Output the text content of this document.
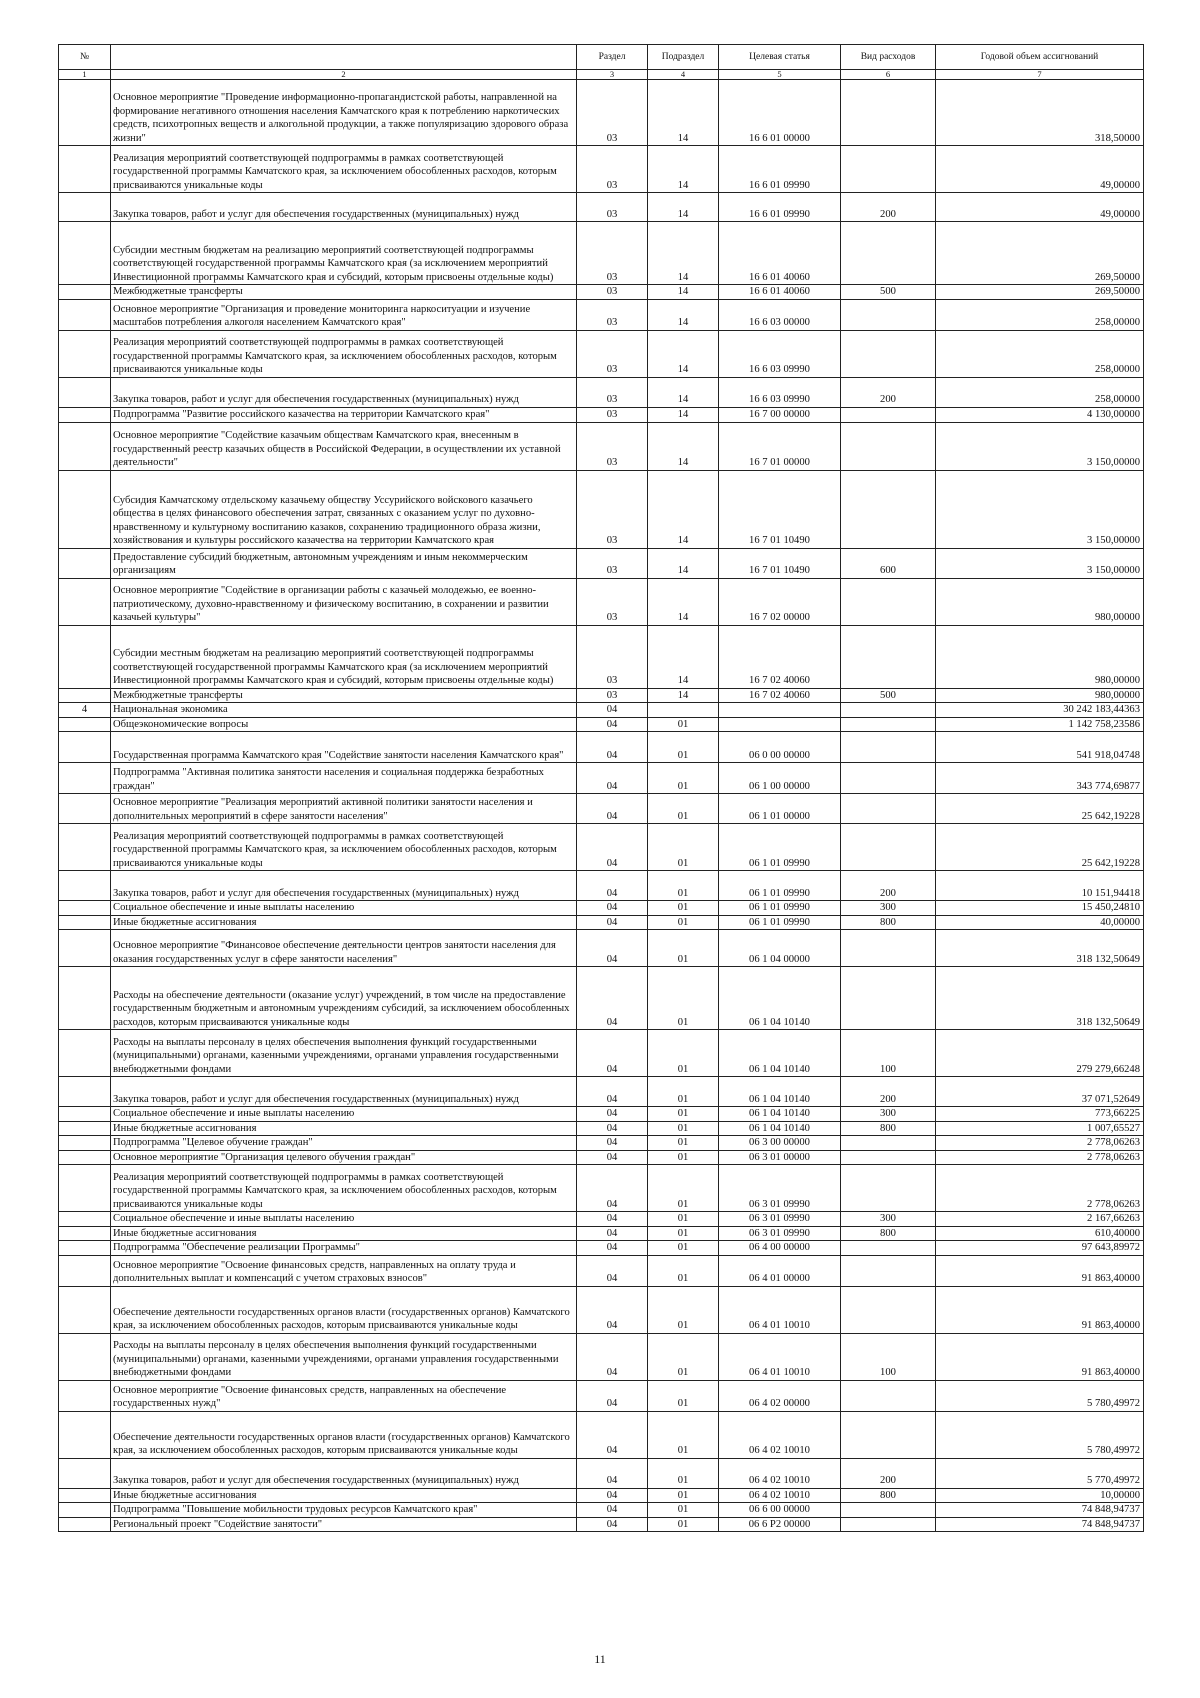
№		Раздел	Подраздел	Целевая статья	Вид расходов	Годовой объем ассигнований
1	2	3	4	5	6	7
	Основное мероприятие "Проведение информационно-пропагандистской работы, направленной на формирование негативного отношения населения Камчатского края к потреблению наркотических средств, психотропных веществ и алкогольной продукции, а также популяризацию здорового образа жизни"	03	14	16 6 01 00000		318,50000
	Реализация мероприятий соответствующей подпрограммы в рамках соответствующей государственной программы Камчатского края, за исключением обособленных расходов, которым присваиваются уникальные коды	03	14	16 6 01 09990		49,00000
	Закупка товаров, работ и услуг для обеспечения государственных (муниципальных) нужд	03	14	16 6 01 09990	200	49,00000
	Субсидии местным бюджетам на реализацию мероприятий соответствующей подпрограммы соответствующей государственной программы Камчатского края (за исключением мероприятий Инвестиционной программы Камчатского края и субсидий, которым присвоены отдельные коды)	03	14	16 6 01 40060		269,50000
	Межбюджетные трансферты	03	14	16 6 01 40060	500	269,50000
	Основное мероприятие "Организация и проведение мониторинга наркоситуации и изучение масштабов потребления алкоголя населением Камчатского края"	03	14	16 6 03 00000		258,00000
	Реализация мероприятий соответствующей подпрограммы в рамках соответствующей государственной программы Камчатского края, за исключением обособленных расходов, которым присваиваются уникальные коды	03	14	16 6 03 09990		258,00000
	Закупка товаров, работ и услуг для обеспечения государственных (муниципальных) нужд	03	14	16 6 03 09990	200	258,00000
	Подпрограмма "Развитие российского казачества на территории Камчатского края"	03	14	16 7 00 00000		4 130,00000
	Основное мероприятие "Содействие казачьим обществам Камчатского края, внесенным в государственный реестр казачьих обществ в Российской Федерации, в осуществлении их уставной деятельности"	03	14	16 7 01 00000		3 150,00000
	Субсидия Камчатскому отдельскому казачьему обществу Уссурийского войскового казачьего общества в целях финансового обеспечения затрат, связанных с оказанием услуг по духовно-нравственному и культурному воспитанию казаков, сохранению традиционного образа жизни, хозяйствования и культуры российского казачества на территории Камчатского края	03	14	16 7 01 10490		3 150,00000
	Предоставление субсидий бюджетным, автономным учреждениям и иным некоммерческим организациям	03	14	16 7 01 10490	600	3 150,00000
	Основное мероприятие "Содействие в организации работы с казачьей молодежью, ее военно-патриотическому, духовно-нравственному и физическому воспитанию, в сохранении и развитии казачьей культуры"	03	14	16 7 02 00000		980,00000
	Субсидии местным бюджетам на реализацию мероприятий соответствующей подпрограммы соответствующей государственной программы Камчатского края (за исключением мероприятий Инвестиционной программы Камчатского края и субсидий, которым присвоены отдельные коды)	03	14	16 7 02 40060		980,00000
	Межбюджетные трансферты	03	14	16 7 02 40060	500	980,00000
4	Национальная экономика	04				30 242 183,44363
	Общеэкономические вопросы	04	01			1 142 758,23586
	Государственная программа Камчатского края "Содействие занятости населения Камчатского края"	04	01	06 0 00 00000		541 918,04748
	Подпрограмма "Активная политика занятости населения и социальная поддержка безработных граждан"	04	01	06 1 00 00000		343 774,69877
	Основное мероприятие "Реализация мероприятий активной политики занятости населения и дополнительных мероприятий в сфере занятости населения"	04	01	06 1 01 00000		25 642,19228
	Реализация мероприятий соответствующей подпрограммы в рамках соответствующей государственной программы Камчатского края, за исключением обособленных расходов, которым присваиваются уникальные коды	04	01	06 1 01 09990		25 642,19228
	Закупка товаров, работ и услуг для обеспечения государственных (муниципальных) нужд	04	01	06 1 01 09990	200	10 151,94418
	Социальное обеспечение и иные выплаты населению	04	01	06 1 01 09990	300	15 450,24810
	Иные бюджетные ассигнования	04	01	06 1 01 09990	800	40,00000
	Основное мероприятие "Финансовое обеспечение деятельности центров занятости населения для оказания государственных услуг в сфере занятости населения"	04	01	06 1 04 00000		318 132,50649
	Расходы на обеспечение деятельности (оказание услуг) учреждений, в том числе на предоставление государственным бюджетным и автономным учреждениям субсидий, за исключением обособленных расходов, которым присваиваются уникальные коды	04	01	06 1 04 10140		318 132,50649
	Расходы на выплаты персоналу в целях обеспечения выполнения функций государственными (муниципальными) органами, казенными учреждениями, органами управления государственными внебюджетными фондами	04	01	06 1 04 10140	100	279 279,66248
	Закупка товаров, работ и услуг для обеспечения государственных (муниципальных) нужд	04	01	06 1 04 10140	200	37 071,52649
	Социальное обеспечение и иные выплаты населению	04	01	06 1 04 10140	300	773,66225
	Иные бюджетные ассигнования	04	01	06 1 04 10140	800	1 007,65527
	Подпрограмма "Целевое обучение граждан"	04	01	06 3 00 00000		2 778,06263
	Основное мероприятие "Организация целевого обучения граждан"	04	01	06 3 01 00000		2 778,06263
	Реализация мероприятий соответствующей подпрограммы в рамках соответствующей государственной программы Камчатского края, за исключением обособленных расходов, которым присваиваются уникальные коды	04	01	06 3 01 09990		2 778,06263
	Социальное обеспечение и иные выплаты населению	04	01	06 3 01 09990	300	2 167,66263
	Иные бюджетные ассигнования	04	01	06 3 01 09990	800	610,40000
	Подпрограмма "Обеспечение реализации Программы"	04	01	06 4 00 00000		97 643,89972
	Основное мероприятие "Освоение финансовых средств, направленных на оплату труда и дополнительных выплат и компенсаций с учетом страховых взносов"	04	01	06 4 01 00000		91 863,40000
	Обеспечение деятельности государственных органов власти (государственных органов) Камчатского края, за исключением обособленных расходов, которым присваиваются уникальные коды	04	01	06 4 01 10010		91 863,40000
	Расходы на выплаты персоналу в целях обеспечения выполнения функций государственными (муниципальными) органами, казенными учреждениями, органами управления государственными внебюджетными фондами	04	01	06 4 01 10010	100	91 863,40000
	Основное мероприятие "Освоение финансовых средств, направленных на обеспечение государственных нужд"	04	01	06 4 02 00000		5 780,49972
	Обеспечение деятельности государственных органов власти (государственных органов) Камчатского края, за исключением обособленных расходов, которым присваиваются уникальные коды	04	01	06 4 02 10010		5 780,49972
	Закупка товаров, работ и услуг для обеспечения государственных (муниципальных) нужд	04	01	06 4 02 10010	200	5 770,49972
	Иные бюджетные ассигнования	04	01	06 4 02 10010	800	10,00000
	Подпрограмма "Повышение мобильности трудовых ресурсов Камчатского края"	04	01	06 6 00 00000		74 848,94737
	Региональный проект "Содействие занятости"	04	01	06 6 P2 00000		74 848,94737
11
